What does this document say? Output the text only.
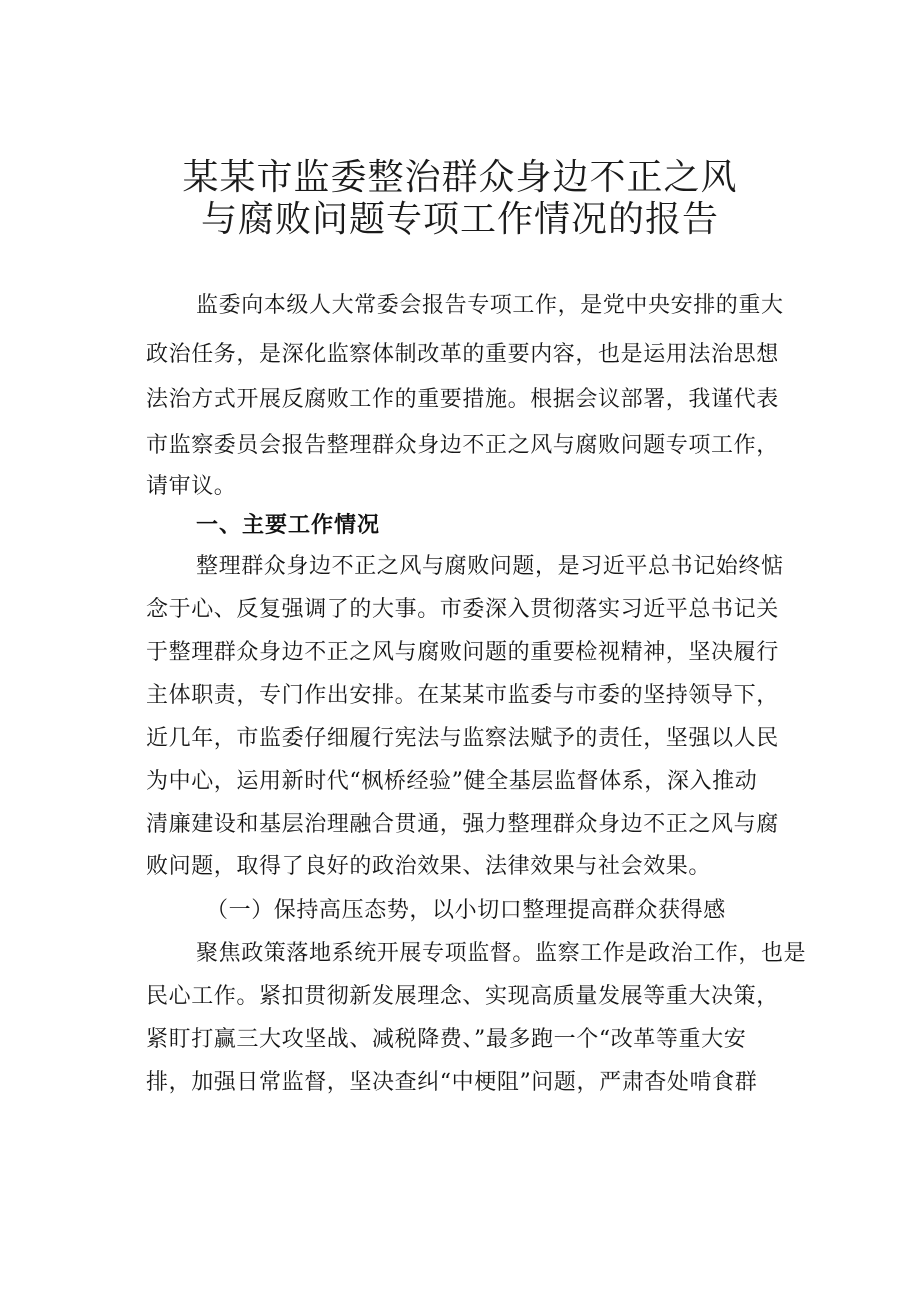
某某市监委整治群众身边不正之风
与腐败问题专项工作情况的报告
监委向本级人大常委会报告专项工作，是党中央安排的重大
政治任务，是深化监察体制改革的重要内容，也是运用法治思想
法治方式开展反腐败工作的重要措施。根据会议部署，我谨代表
市监察委员会报告整理群众身边不正之风与腐败问题专项工作，
请审议。
一、主要工作情况
整理群众身边不正之风与腐败问题，是习近平总书记始终惦
念于心、反复强调了的大事。市委深入贯彻落实习近平总书记关
于整理群众身边不正之风与腐败问题的重要检视精神，坚决履行
主体职责，专门作出安排。在某某市监委与市委的坚持领导下，
近几年，市监委仔细履行宪法与监察法赋予的责任，坚强以人民
为中心，运用新时代“枫桥经验”健全基层监督体系，深入推动
清廉建设和基层治理融合贯通，强力整理群众身边不正之风与腐
败问题，取得了良好的政治效果、法律效果与社会效果。
（一）保持高压态势，以小切口整理提高群众获得感
聚焦政策落地系统开展专项监督。监察工作是政治工作，也是
民心工作。紧扣贯彻新发展理念、实现高质量发展等重大决策，
紧盯打赢三大攻坚战、减税降费、”最多跑一个“改革等重大安
排，加强日常监督，坚决查纠“中梗阻”问题，严肃杳处啃食群
